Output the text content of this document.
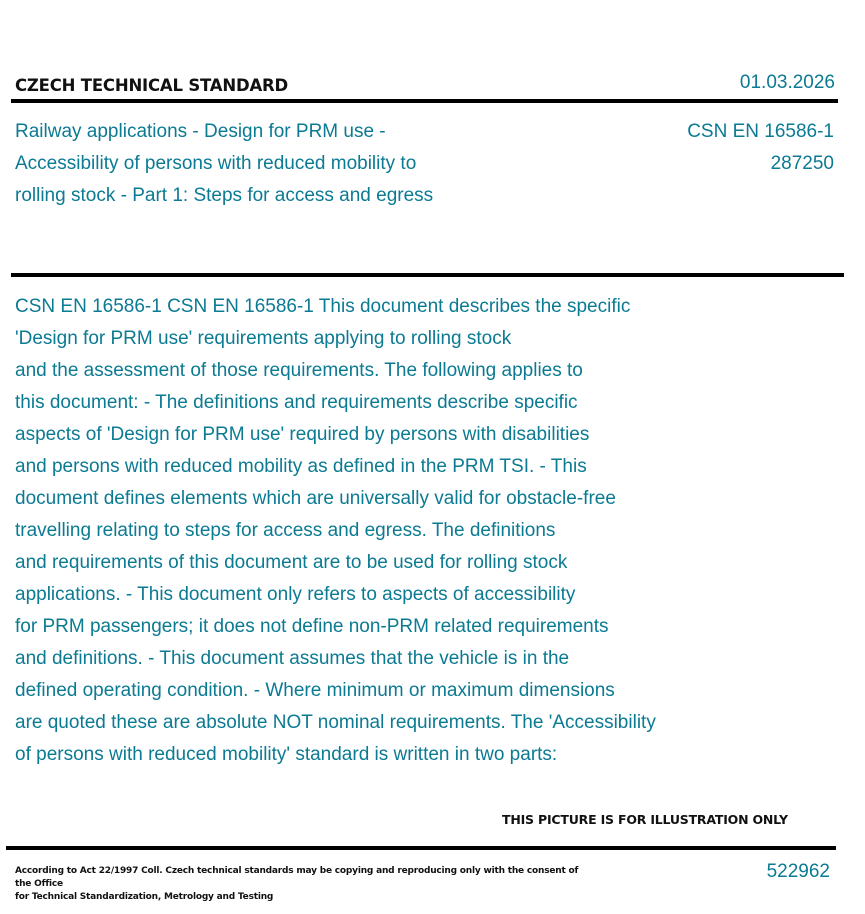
CZECH TECHNICAL STANDARD	01.03.2026
Railway applications - Design for PRM use - Accessibility of persons with reduced mobility to rolling stock - Part 1: Steps for access and egress
CSN EN 16586-1
287250
CSN EN 16586-1 CSN EN 16586-1 This document describes the specific
'Design for PRM use' requirements applying to rolling stock
and the assessment of those requirements. The following applies to
this document: - The definitions and requirements describe specific
aspects of 'Design for PRM use' required by persons with disabilities
and persons with reduced mobility as defined in the PRM TSI. - This
document defines elements which are universally valid for obstacle-free
travelling relating to steps for access and egress. The definitions
and requirements of this document are to be used for rolling stock
applications. - This document only refers to aspects of accessibility
for PRM passengers; it does not define non-PRM related requirements
and definitions. - This document assumes that the vehicle is in the
defined operating condition. - Where minimum or maximum dimensions
are quoted these are absolute NOT nominal requirements. The 'Accessibility
of persons with reduced mobility' standard is written in two parts:
THIS PICTURE IS FOR ILLUSTRATION ONLY
According to Act 22/1997 Coll. Czech technical standards may be copying and reproducing only with the consent of the Office
for Technical Standardization, Metrology and Testing
522962
